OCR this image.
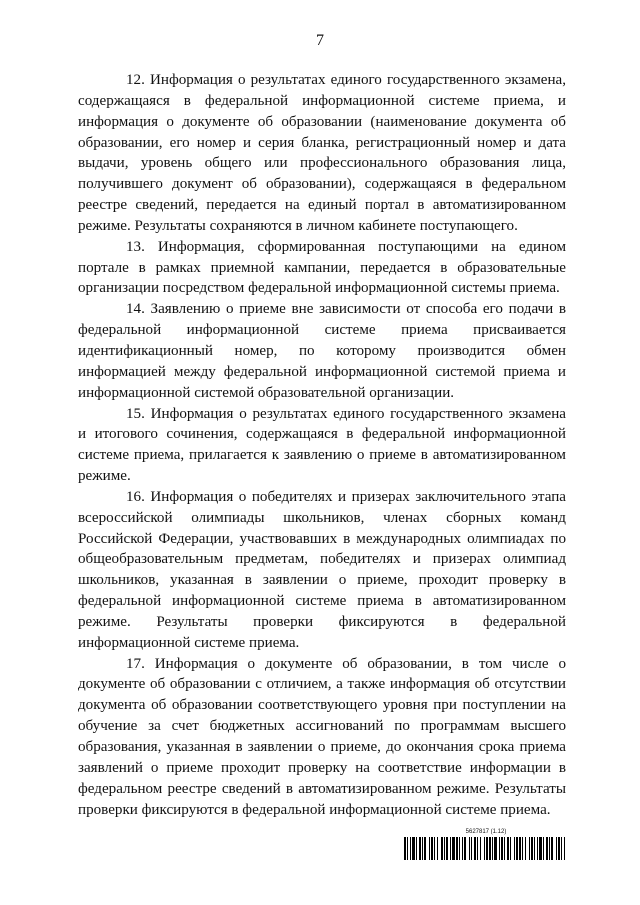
7

12. Информация о результатах единого государственного экзамена, содержащаяся в федеральной информационной системе приема, и информация о документе об образовании (наименование документа об образовании, его номер и серия бланка, регистрационный номер и дата выдачи, уровень общего или профессионального образования лица, получившего документ об образовании), содержащаяся в федеральном реестре сведений, передается на единый портал в автоматизированном режиме. Результаты сохраняются в личном кабинете поступающего.

13. Информация, сформированная поступающими на едином портале в рамках приемной кампании, передается в образовательные организации посредством федеральной информационной системы приема.

14. Заявлению о приеме вне зависимости от способа его подачи в федеральной информационной системе приема присваивается идентификационный номер, по которому производится обмен информацией между федеральной информационной системой приема и информационной системой образовательной организации.

15. Информация о результатах единого государственного экзамена и итогового сочинения, содержащаяся в федеральной информационной системе приема, прилагается к заявлению о приеме в автоматизированном режиме.

16. Информация о победителях и призерах заключительного этапа всероссийской олимпиады школьников, членах сборных команд Российской Федерации, участвовавших в международных олимпиадах по общеобразовательным предметам, победителях и призерах олимпиад школьников, указанная в заявлении о приеме, проходит проверку в федеральной информационной системе приема в автоматизированном режиме. Результаты проверки фиксируются в федеральной информационной системе приема.

17. Информация о документе об образовании, в том числе о документе об образовании с отличием, а также информация об отсутствии документа об образовании соответствующего уровня при поступлении на обучение за счет бюджетных ассигнований по программам высшего образования, указанная в заявлении о приеме, до окончания срока приема заявлений о приеме проходит проверку на соответствие информации в федеральном реестре сведений в автоматизированном режиме. Результаты проверки фиксируются в федеральной информационной системе приема.

5627817 (1.12)
